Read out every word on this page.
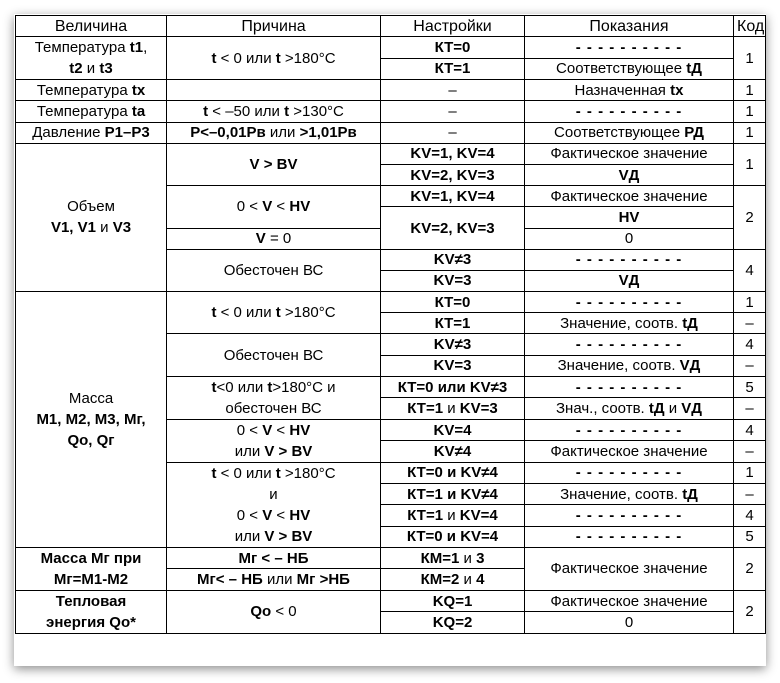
Величина	Причина	Настройки	Показания	Код
Температура t1,
t2 и t3	t < 0 или t >180°С	КТ=0	- - - - - - - - - -	1
		КТ=1	Соответствующее tД	
Температура tх		–	Назначенная tх	1
Температура ta	t < –50 или t >130°С	–	- - - - - - - - - -	1
Давление Р1–Р3	Р<–0,01Рв или >1,01Рв	–	Соответствующее РД	1
Объем
V1, V1 и V3	V > BV	KV=1, KV=4	Фактическое значение	1
		KV=2, KV=3	VД	
	0 < V < HV	KV=1, KV=4	Фактическое значение	2
		KV=2, KV=3	HV	
	V = 0		0	
	Обесточен ВС	KV≠3	- - - - - - - - - -	4
		KV=3	VД	
Масса
М1, М2, М3, Мг,
Qо, Qг	t < 0 или t >180°С	КТ=0	- - - - - - - - - -	1
		КТ=1	Значение, соотв. tД	–
	Обесточен ВС	KV≠3	- - - - - - - - - -	4
		KV=3	Значение, соотв. VД	–
	t<0 или t>180°С и
обесточен ВС	КТ=0 или KV≠3	- - - - - - - - - -	5
		КТ=1 и KV=3	Знач., соотв. tД и VД	–
	0 < V < HV
или V > BV	KV=4	- - - - - - - - - -	4
		KV≠4	Фактическое значение	–
	t < 0 или t >180°С
и
0 < V < HV
или V > BV	КТ=0 и KV≠4	- - - - - - - - - -	1
		КТ=1 и KV≠4	Значение, соотв. tД	–
		КТ=1 и KV=4	- - - - - - - - - -	4
		КТ=0 и KV=4	- - - - - - - - - -	5
Масса Мг при
Мг=М1-М2	Мг < – НБ	КМ=1 и 3	Фактическое значение	2
	Мг< – НБ или Мг >НБ	КМ=2 и 4		
Тепловая
энергия Qо*	Qо < 0	KQ=1	Фактическое значение	2
		KQ=2	0	
